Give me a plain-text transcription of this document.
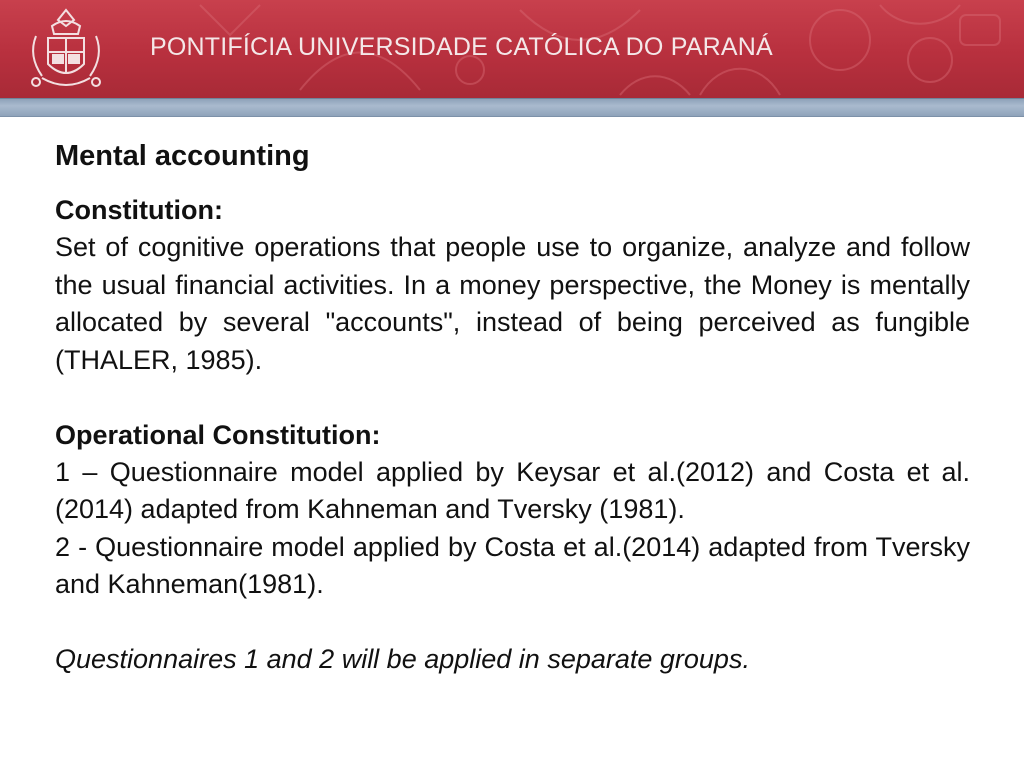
PONTIFÍCIA UNIVERSIDADE CATÓLICA DO PARANÁ
Mental accounting
Constitution:

Set of cognitive operations that people use to organize, analyze and follow the usual financial activities. In a money perspective, the Money is mentally allocated by several "accounts", instead of being perceived as fungible (THALER, 1985).

Operational Constitution:

1 – Questionnaire model applied by Keysar et al.(2012) and Costa et al. (2014) adapted from Kahneman and Tversky (1981).

2 - Questionnaire model applied by Costa et al.(2014) adapted from Tversky and Kahneman(1981).

Questionnaires 1 and 2 will be applied in separate groups.
